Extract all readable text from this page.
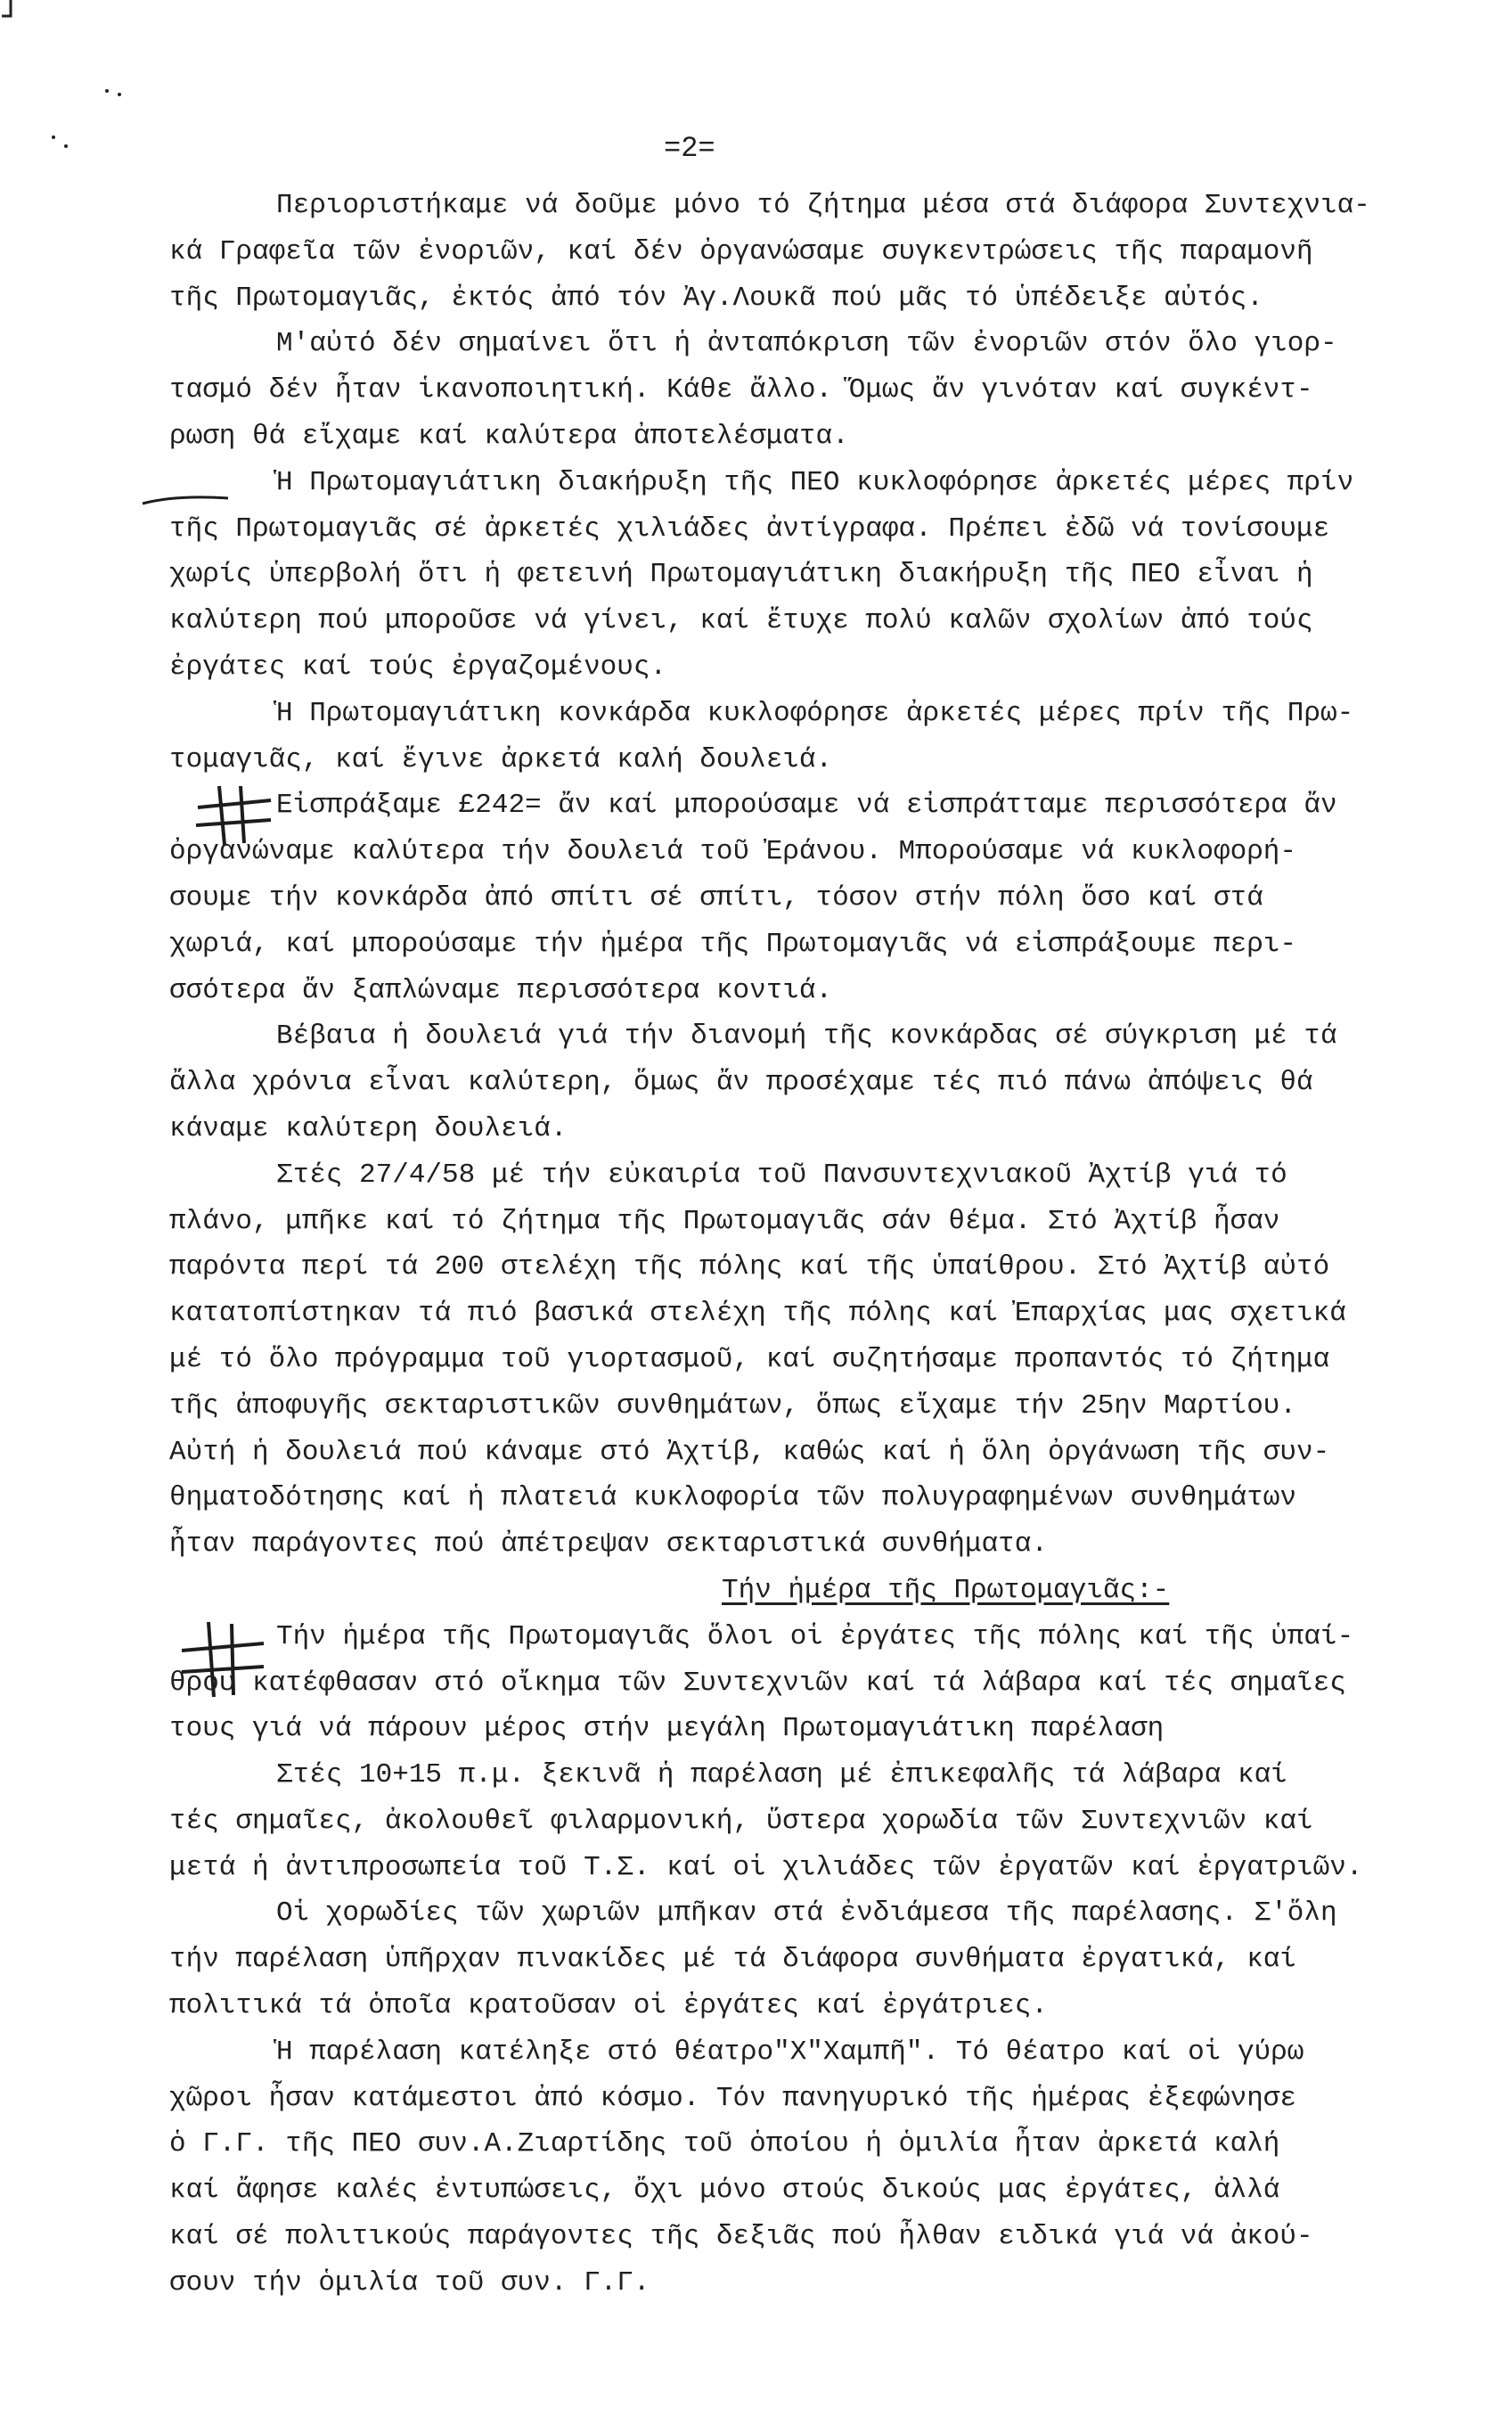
=2=
Περιοριστήκαμε νά δοῦμε μόνο τό ζήτημα μέσα στά διάφορα Συντεχνια-
κά Γραφεῖα τῶν ἐνοριῶν, καί δέν ὀργανώσαμε συγκεντρώσεις τῆς παραμονῆ
τῆς Πρωτομαγιᾶς, ἐκτός ἀπό τόν Ἀγ.Λουκᾶ πού μᾶς τό ὑπέδειξε αὐτός.
Μ'αὐτό δέν σημαίνει ὅτι ἡ ἀνταπόκριση τῶν ἐνοριῶν στόν ὅλο γιορ-
τασμό δέν ἦταν ἱκανοποιητική. Κάθε ἄλλο. Ὅμως ἄν γινόταν καί συγκέντ-
ρωση θά εἴχαμε καί καλύτερα ἀποτελέσματα.
Ἡ Πρωτομαγιάτικη διακήρυξη τῆς ΠΕΟ κυκλοφόρησε ἀρκετές μέρες πρίν
τῆς Πρωτομαγιᾶς σέ ἀρκετές χιλιάδες ἀντίγραφα. Πρέπει ἐδῶ νά τονίσουμε
χωρίς ὑπερβολή ὅτι ἡ φετεινή Πρωτομαγιάτικη διακήρυξη τῆς ΠΕΟ εἶναι ἡ
καλύτερη πού μποροῦσε νά γίνει, καί ἔτυχε πολύ καλῶν σχολίων ἀπό τούς
ἐργάτες καί τούς ἐργαζομένους.
Ἡ Πρωτομαγιάτικη κονκάρδα κυκλοφόρησε ἀρκετές μέρες πρίν τῆς Πρω-
τομαγιᾶς, καί ἔγινε ἀρκετά καλή δουλειά.
Εἰσπράξαμε £242= ἄν καί μπορούσαμε νά εἰσπράτταμε περισσότερα ἄν
ὀργανώναμε καλύτερα τήν δουλειά τοῦ Ἐράνου. Μπορούσαμε νά κυκλοφορή-
σουμε τήν κονκάρδα ἀπό σπίτι σέ σπίτι, τόσον στήν πόλη ὅσο καί στά
χωριά, καί μπορούσαμε τήν ἡμέρα τῆς Πρωτομαγιᾶς νά εἰσπράξουμε περι-
σσότερα ἄν ξαπλώναμε περισσότερα κοντιά.
Βέβαια ἡ δουλειά γιά τήν διανομή τῆς κονκάρδας σέ σύγκριση μέ τά
ἄλλα χρόνια εἶναι καλύτερη, ὅμως ἄν προσέχαμε τές πιό πάνω ἀπόψεις θά
κάναμε καλύτερη δουλειά.
Στές 27/4/58 μέ τήν εὐκαιρία τοῦ Πανσυντεχνιακοῦ Ἀχτίβ γιά τό
πλάνο, μπῆκε καί τό ζήτημα τῆς Πρωτομαγιᾶς σάν θέμα. Στό Ἀχτίβ ἦσαν
παρόντα περί τά 200 στελέχη τῆς πόλης καί τῆς ὑπαίθρου. Στό Ἀχτίβ αὐτό
κατατοπίστηκαν τά πιό βασικά στελέχη τῆς πόλης καί Ἐπαρχίας μας σχετικά
μέ τό ὅλο πρόγραμμα τοῦ γιορτασμοῦ, καί συζητήσαμε προπαντός τό ζήτημα
τῆς ἀποφυγῆς σεκταριστικῶν συνθημάτων, ὅπως εἴχαμε τήν 25ην Μαρτίου.
Αὐτή ἡ δουλειά πού κάναμε στό Ἀχτίβ, καθώς καί ἡ ὅλη ὀργάνωση τῆς συν-
θηματοδότησης καί ἡ πλατειά κυκλοφορία τῶν πολυγραφημένων συνθημάτων
ἦταν παράγοντες πού ἀπέτρεψαν σεκταριστικά συνθήματα.
Τήν ἡμέρα τῆς Πρωτομαγιᾶς:-
Τήν ἡμέρα τῆς Πρωτομαγιᾶς ὅλοι οἱ ἐργάτες τῆς πόλης καί τῆς ὑπαί-
θρου κατέφθασαν στό οἴκημα τῶν Συντεχνιῶν καί τά λάβαρα καί τές σημαῖες
τους γιά νά πάρουν μέρος στήν μεγάλη Πρωτομαγιάτικη παρέλαση
Στές 10+15 π.μ. ξεκινᾶ ἡ παρέλαση μέ ἐπικεφαλῆς τά λάβαρα καί
τές σημαῖες, ἀκολουθεῖ φιλαρμονική, ὕστερα χορωδία τῶν Συντεχνιῶν καί
μετά ἡ ἀντιπροσωπεία τοῦ Τ.Σ. καί οἱ χιλιάδες τῶν ἐργατῶν καί ἐργατριῶν.
Οἱ χορωδίες τῶν χωριῶν μπῆκαν στά ἐνδιάμεσα τῆς παρέλασης. Σ'ὅλη
τήν παρέλαση ὑπῆρχαν πινακίδες μέ τά διάφορα συνθήματα ἐργατικά, καί
πολιτικά τά ὁποῖα κρατοῦσαν οἱ ἐργάτες καί ἐργάτριες.
Ἡ παρέλαση κατέληξε στό θέατρο"Χ"Χαμπῆ". Τό θέατρο καί οἱ γύρω
χῶροι ἦσαν κατάμεστοι ἀπό κόσμο. Τόν πανηγυρικό τῆς ἡμέρας ἐξεφώνησε
ὁ Γ.Γ. τῆς ΠΕΟ συν.Α.Ζιαρτίδης τοῦ ὁποίου ἡ ὁμιλία ἦταν ἀρκετά καλή
καί ἄφησε καλές ἐντυπώσεις, ὄχι μόνο στούς δικούς μας ἐργάτες, ἀλλά
καί σέ πολιτικούς παράγοντες τῆς δεξιᾶς πού ἦλθαν ειδικά γιά νά ἀκού-
σουν τήν ὁμιλία τοῦ συν. Γ.Γ.
